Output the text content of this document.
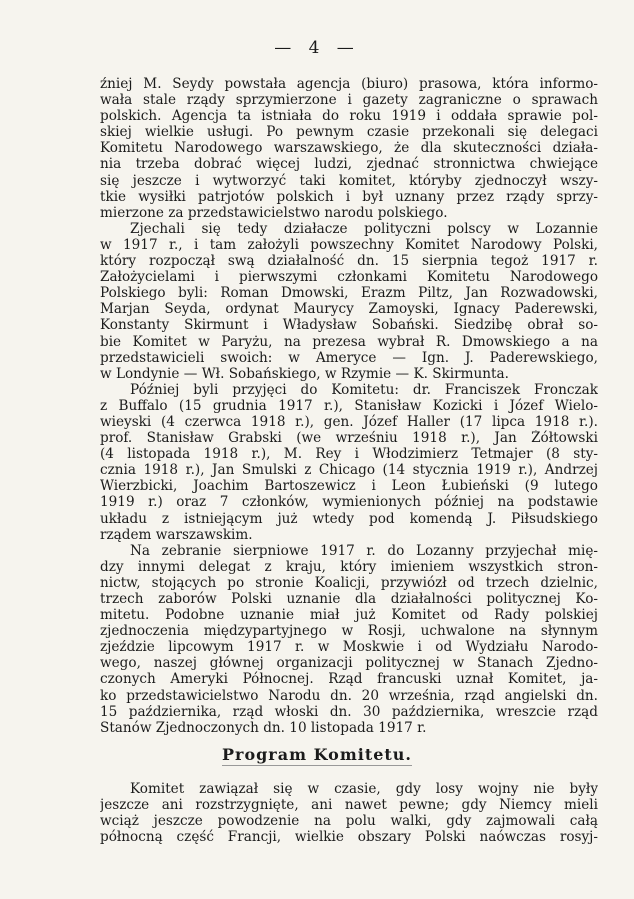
— 4 —
źniej M. Seydy powstała agencja (biuro) prasowa, która informo-
wała stale rządy sprzymierzone i gazety zagraniczne o sprawach
polskich. Agencja ta istniała do roku 1919 i oddała sprawie pol-
skiej wielkie usługi. Po pewnym czasie przekonali się delegaci
Komitetu Narodowego warszawskiego, że dla skuteczności działa-
nia trzeba dobrać więcej ludzi, zjednać stronnictwa chwiejące
się jeszcze i wytworzyć taki komitet, któryby zjednoczył wszy-
tkie wysiłki patrjotów polskich i był uznany przez rządy sprzy-
mierzone za przedstawicielstwo narodu polskiego.
Zjechali się tedy działacze polityczni polscy w Lozannie
w 1917 r., i tam założyli powszechny Komitet Narodowy Polski,
który rozpoczął swą działalność dn. 15 sierpnia tegoż 1917 r.
Założycielami i pierwszymi członkami Komitetu Narodowego
Polskiego byli: Roman Dmowski, Erazm Piltz, Jan Rozwadowski,
Marjan Seyda, ordynat Maurycy Zamoyski, Ignacy Paderewski,
Konstanty Skirmunt i Władysław Sobański. Siedzibę obrał so-
bie Komitet w Paryżu, na prezesa wybrał R. Dmowskiego a na
przedstawicieli swoich: w Ameryce — Ign. J. Paderewskiego,
w Londynie — Wł. Sobańskiego, w Rzymie — K. Skirmunta.
Później byli przyjęci do Komitetu: dr. Franciszek Fronczak
z Buffalo (15 grudnia 1917 r.), Stanisław Kozicki i Józef Wielo-
wieyski (4 czerwca 1918 r.), gen. Józef Haller (17 lipca 1918 r.).
prof. Stanisław Grabski (we wrześniu 1918 r.), Jan Żółtowski
(4 listopada 1918 r.), M. Rey i Włodzimierz Tetmajer (8 sty-
cznia 1918 r.), Jan Smulski z Chicago (14 stycznia 1919 r.), Andrzej
Wierzbicki, Joachim Bartoszewicz i Leon Łubieński (9 lutego
1919 r.) oraz 7 członków, wymienionych później na podstawie
układu z istniejącym już wtedy pod komendą J. Piłsudskiego
rządem warszawskim.
Na zebranie sierpniowe 1917 r. do Lozanny przyjechał mię-
dzy innymi delegat z kraju, który imieniem wszystkich stron-
nictw, stojących po stronie Koalicji, przywiózł od trzech dzielnic,
trzech zaborów Polski uznanie dla działalności politycznej Ko-
mitetu. Podobne uznanie miał już Komitet od Rady polskiej
zjednoczenia międzypartyjnego w Rosji, uchwalone na słynnym
zjeździe lipcowym 1917 r. w Moskwie i od Wydziału Narodo-
wego, naszej głównej organizacji politycznej w Stanach Zjedno-
czonych Ameryki Północnej. Rząd francuski uznał Komitet, ja-
ko przedstawicielstwo Narodu dn. 20 września, rząd angielski dn.
15 października, rząd włoski dn. 30 października, wreszcie rząd
Stanów Zjednoczonych dn. 10 listopada 1917 r.
Program Komitetu.
Komitet zawiązał się w czasie, gdy losy wojny nie były
jeszcze ani rozstrzygnięte, ani nawet pewne; gdy Niemcy mieli
wciąż jeszcze powodzenie na polu walki, gdy zajmowali całą
północną część Francji, wielkie obszary Polski naówczas rosyj-
